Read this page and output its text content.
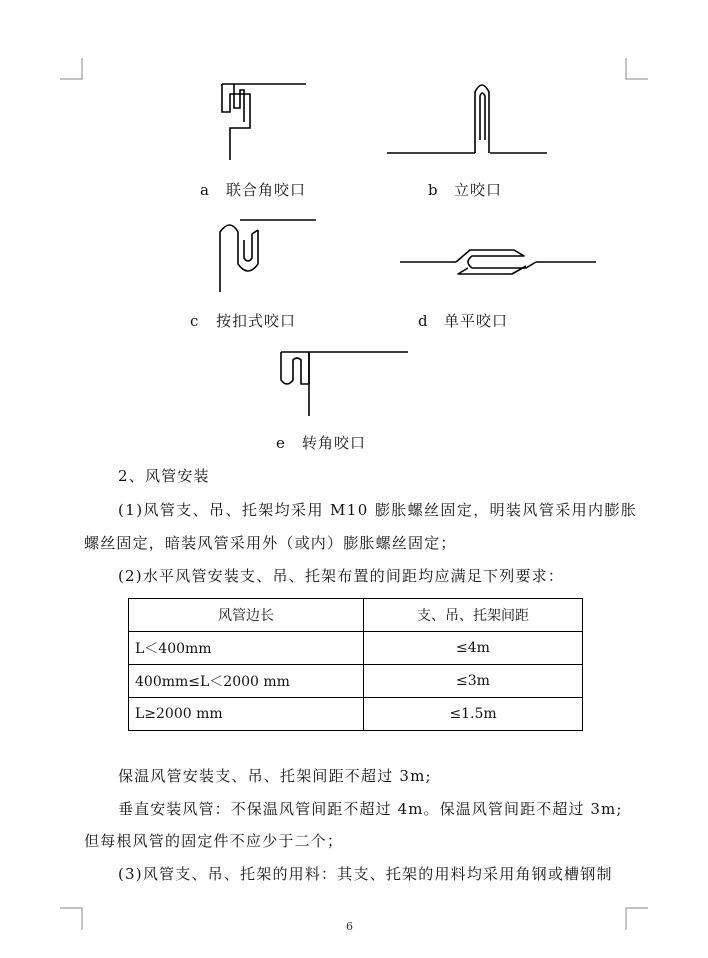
a 联合角咬口	b 立咬口
c 按扣式咬口	d 单平咬口
e 转角咬口
2、风管安装
(1)风管支、吊、托架均采用 M10 膨胀螺丝固定，明装风管采用内膨胀
螺丝固定，暗装风管采用外（或内）膨胀螺丝固定；
(2)水平风管安装支、吊、托架布置的间距均应满足下列要求：
风管边长	支、吊、托架间距
L＜400mm	≤4m
400mm≤L＜2000 mm	≤3m
L≥2000 mm	≤1.5m
保温风管安装支、吊、托架间距不超过 3m;
垂直安装风管：不保温风管间距不超过 4m。保温风管间距不超过 3m;
但每根风管的固定件不应少于二个；
(3)风管支、吊、托架的用料：其支、托架的用料均采用角钢或槽钢制
6
